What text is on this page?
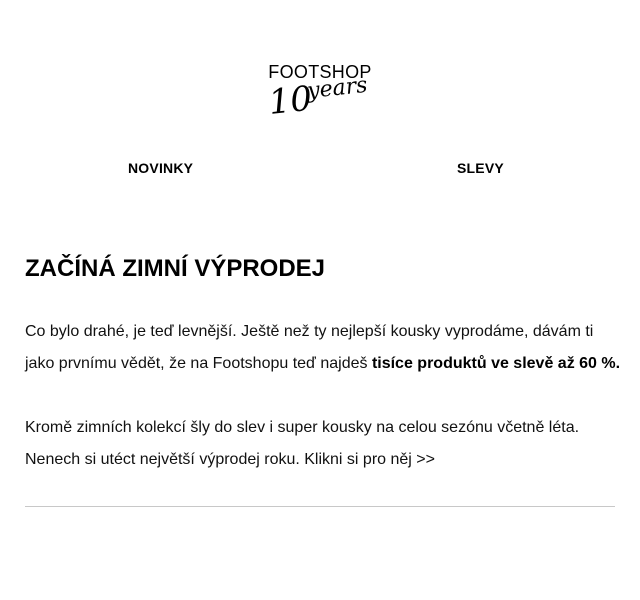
FOOTSHOP
10
years
NOVINKY	SLEVY
ZAČÍNÁ ZIMNÍ VÝPRODEJ

Co bylo drahé, je teď levnější. Ještě než ty nejlepší kousky vyprodáme, dávám ti jako prvnímu vědět, že na Footshopu teď najdeš tisíce produktů ve slevě až 60 %.

Kromě zimních kolekcí šly do slev i super kousky na celou sezónu včetně léta. Nenech si utéct největší výprodej roku. Klikni si pro něj >>
